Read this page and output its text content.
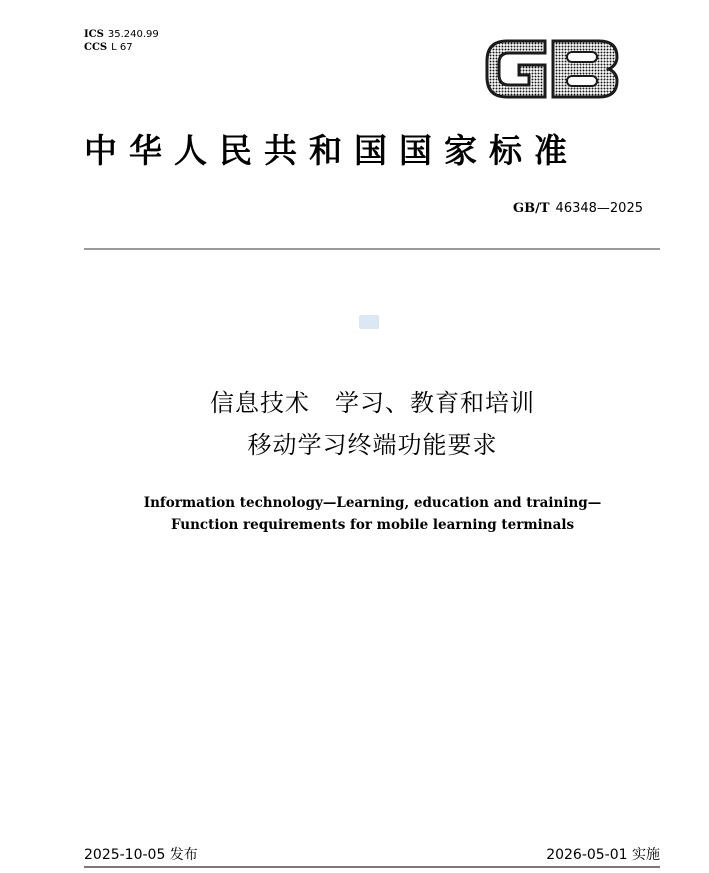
ICS 35.240.99
CCS L 67
中华人民共和国国家标准
GB/T 46348—2025
信息技术　学习、教育和培训
移动学习终端功能要求
Information technology—Learning, education and training—
Function requirements for mobile learning terminals
2025-10-05 发布	2026-05-01 实施
